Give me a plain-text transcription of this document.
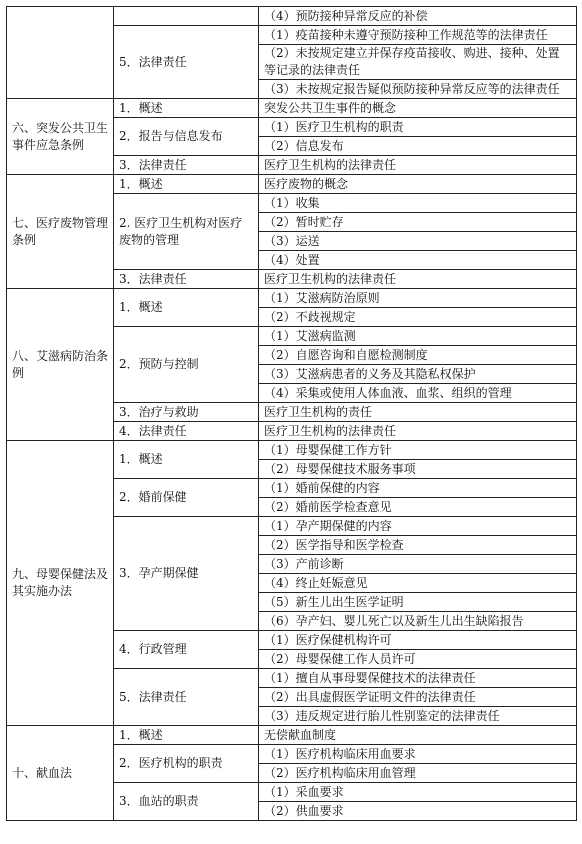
		（4）预防接种异常反应的补偿
	5．法律责任	（1）疫苗接种未遵守预防接种工作规范等的法律责任
		（2）未按规定建立并保存疫苗接收、购进、接种、处置等记录的法律责任
		（3）未按规定报告疑似预防接种异常反应等的法律责任
六、突发公共卫生事件应急条例	1．概述	突发公共卫生事件的概念
	2．报告与信息发布	（1）医疗卫生机构的职责
		（2）信息发布
	3．法律责任	医疗卫生机构的法律责任
七、医疗废物管理条例	1．概述	医疗废物的概念
	2. 医疗卫生机构对医疗废物的管理	（1）收集
		（2）暂时贮存
		（3）运送
		（4）处置
	3．法律责任	医疗卫生机构的法律责任
八、艾滋病防治条例	1．概述	（1）艾滋病防治原则
		（2）不歧视规定
	2．预防与控制	（1）艾滋病监测
		（2）自愿咨询和自愿检测制度
		（3）艾滋病患者的义务及其隐私权保护
		（4）采集或使用人体血液、血浆、组织的管理
	3．治疗与救助	医疗卫生机构的责任
	4．法律责任	医疗卫生机构的法律责任
九、母婴保健法及其实施办法	1．概述	（1）母婴保健工作方针
		（2）母婴保健技术服务事项
	2．婚前保健	（1）婚前保健的内容
		（2）婚前医学检查意见
	3．孕产期保健	（1）孕产期保健的内容
		（2）医学指导和医学检查
		（3）产前诊断
		（4）终止妊娠意见
		（5）新生儿出生医学证明
		（6）孕产妇、婴儿死亡以及新生儿出生缺陷报告
	4．行政管理	（1）医疗保健机构许可
		（2）母婴保健工作人员许可
	5．法律责任	（1）擅自从事母婴保健技术的法律责任
		（2）出具虚假医学证明文件的法律责任
		（3）违反规定进行胎儿性别鉴定的法律责任
十、献血法	1．概述	无偿献血制度
	2．医疗机构的职责	（1）医疗机构临床用血要求
		（2）医疗机构临床用血管理
	3．血站的职责	（1）采血要求
		（2）供血要求
